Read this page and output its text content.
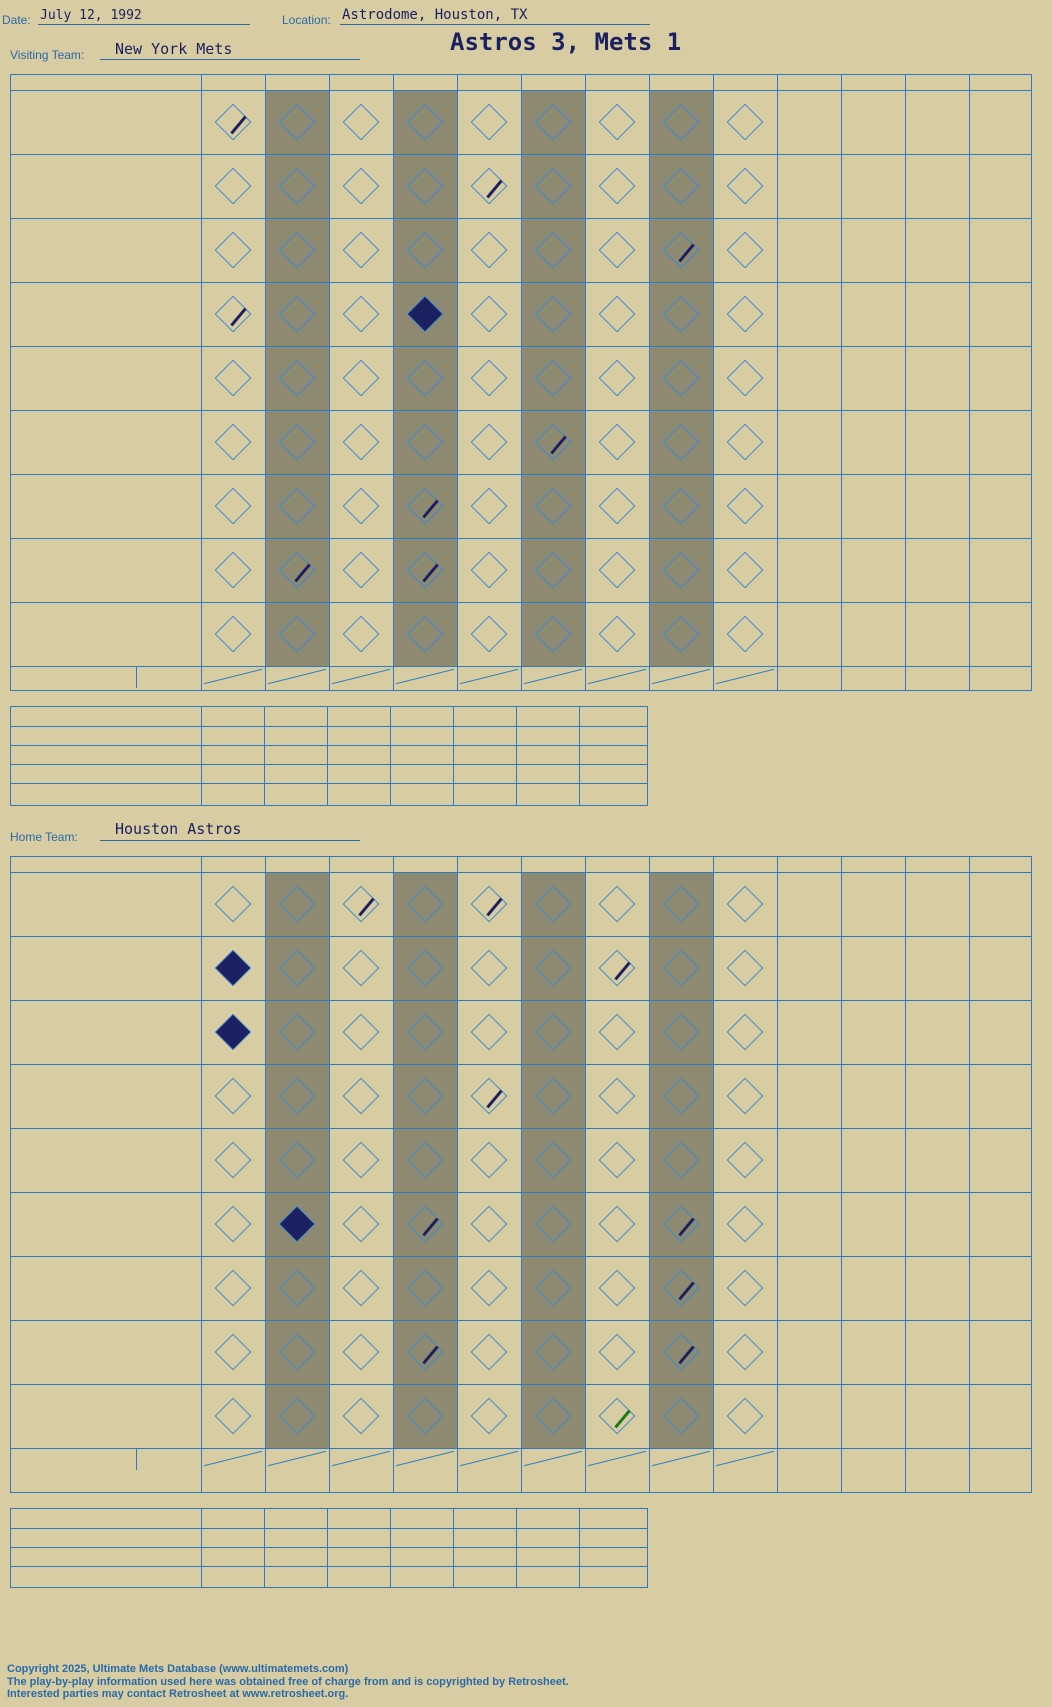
Date: July 12, 1992	Location: Astrodome, Houston, TX
Visiting Team: New York Mets	Astros 3, Mets 1
Home Team: Houston Astros
Copyright 2025, Ultimate Mets Database (www.ultimatemets.com)
The play-by-play information used here was obtained free of charge from and is copyrighted by Retrosheet.
Interested parties may contact Retrosheet at www.retrosheet.org.
